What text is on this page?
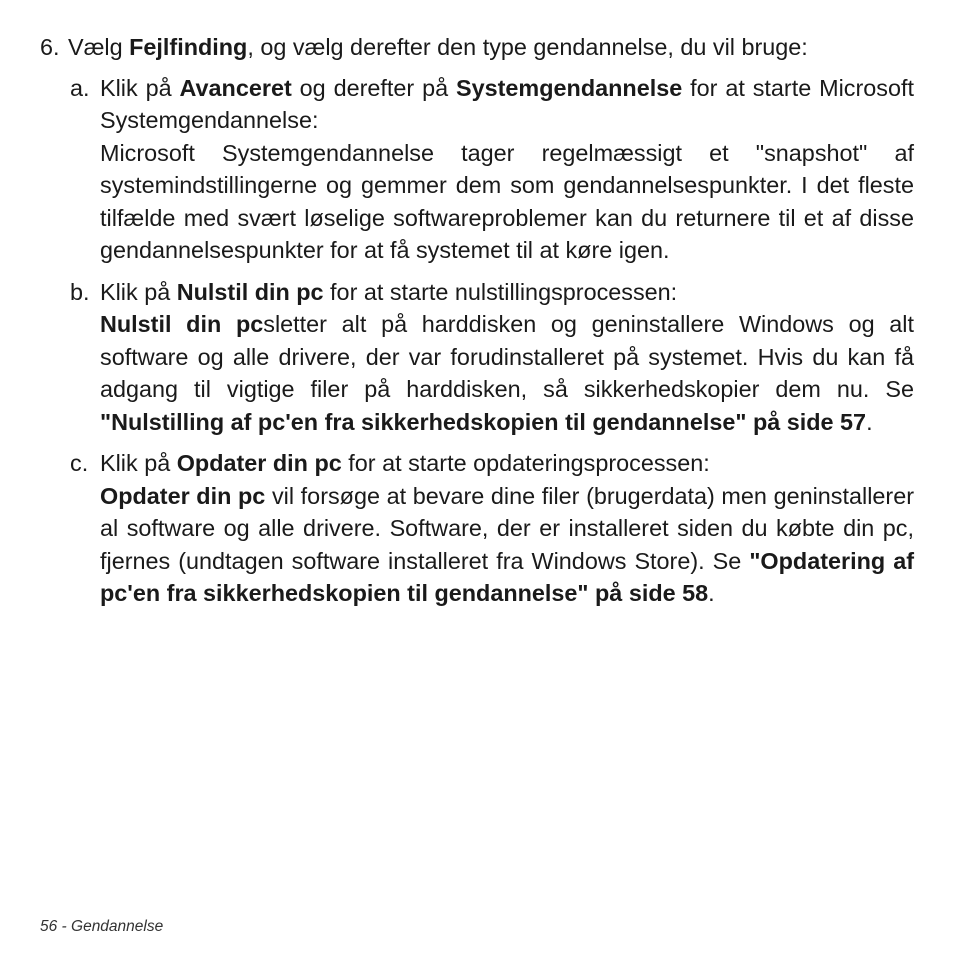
6. Vælg Fejlfinding, og vælg derefter den type gendannelse, du vil bruge:
a. Klik på Avanceret og derefter på Systemgendannelse for at starte Microsoft Systemgendannelse:

Microsoft Systemgendannelse tager regelmæssigt et "snapshot" af systemindstillingerne og gemmer dem som gendannelsespunkter. I det fleste tilfælde med svært løselige softwareproblemer kan du returnere til et af disse gendannelsespunkter for at få systemet til at køre igen.

b. Klik på Nulstil din pc for at starte nulstillingsprocessen:

Nulstil din pcsletter alt på harddisken og geninstallere Windows og alt software og alle drivere, der var forudinstalleret på systemet. Hvis du kan få adgang til vigtige filer på harddisken, så sikkerhedskopier dem nu. Se "Nulstilling af pc'en fra sikkerhedskopien til gendannelse" på side 57.

c. Klik på Opdater din pc for at starte opdateringsprocessen:

Opdater din pc vil forsøge at bevare dine filer (brugerdata) men geninstallerer al software og alle drivere. Software, der er installeret siden du købte din pc, fjernes (undtagen software installeret fra Windows Store). Se "Opdatering af pc'en fra sikkerhedskopien til gendannelse" på side 58.

56 - Gendannelse
